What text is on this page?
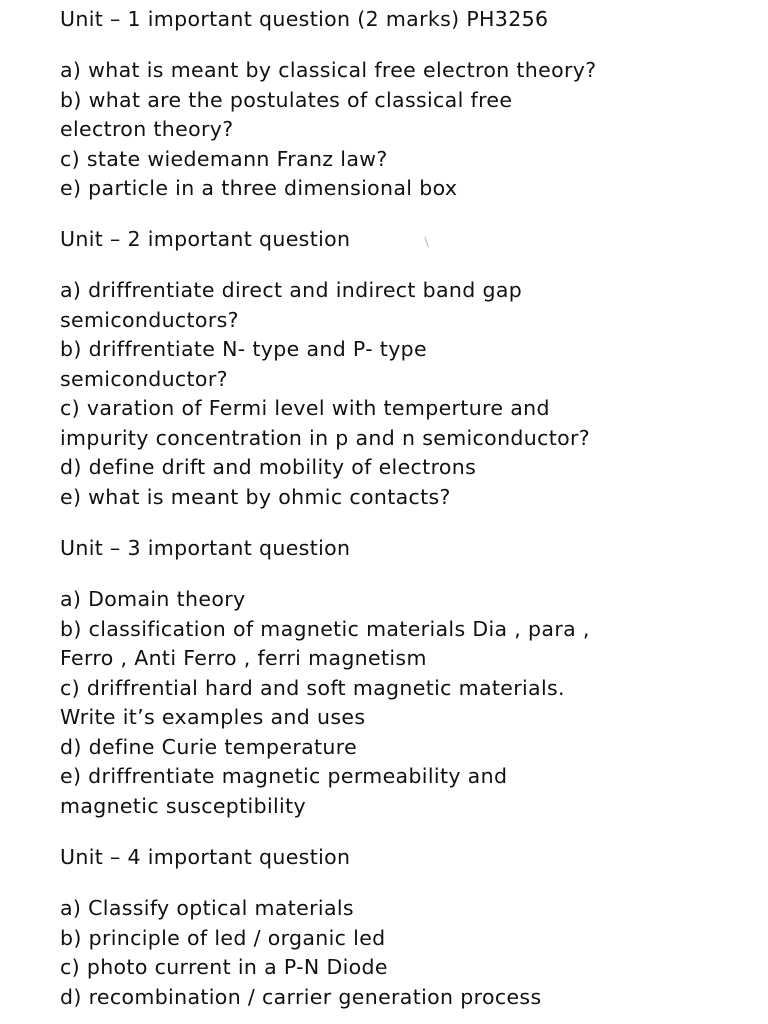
Unit – 1 important question (2 marks) PH3256
a) what is meant by classical free electron theory?
b) what are the postulates of classical free
electron theory?
c) state wiedemann Franz law?
e) particle in a three dimensional box
Unit – 2 important question
a) driffrentiate direct and indirect band gap
semiconductors?
b) driffrentiate N- type and P- type
semiconductor?
c) varation of Fermi level with temperture and
impurity concentration in p and n semiconductor?
d) define drift and mobility of electrons
e) what is meant by ohmic contacts?
Unit – 3 important question
a) Domain theory
b) classification of magnetic materials Dia , para ,
Ferro , Anti Ferro , ferri magnetism
c) driffrential hard and soft magnetic materials.
Write it’s examples and uses
d) define Curie temperature
e) driffrentiate magnetic permeability and
magnetic susceptibility
Unit – 4 important question
a) Classify optical materials
b) principle of led / organic led
c) photo current in a P-N Diode
d) recombination / carrier generation process
